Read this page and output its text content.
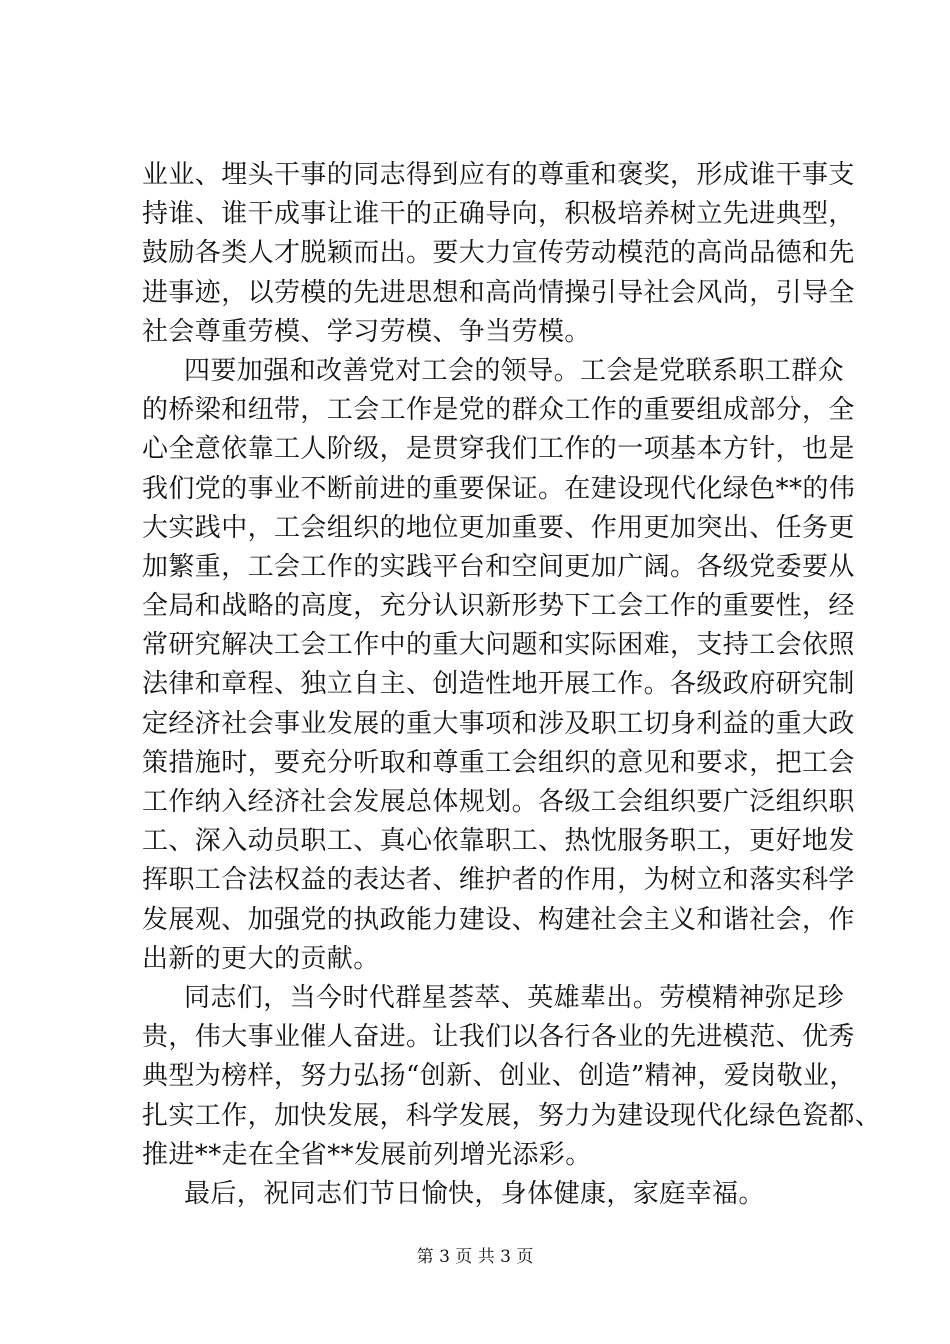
业业、埋头干事的同志得到应有的尊重和褒奖，形成谁干事支
持谁、谁干成事让谁干的正确导向，积极培养树立先进典型，
鼓励各类人才脱颖而出。要大力宣传劳动模范的高尚品德和先
进事迹，以劳模的先进思想和高尚情操引导社会风尚，引导全
社会尊重劳模、学习劳模、争当劳模。
四要加强和改善党对工会的领导。工会是党联系职工群众
的桥梁和纽带，工会工作是党的群众工作的重要组成部分，全
心全意依靠工人阶级，是贯穿我们工作的一项基本方针，也是
我们党的事业不断前进的重要保证。在建设现代化绿色**的伟
大实践中，工会组织的地位更加重要、作用更加突出、任务更
加繁重，工会工作的实践平台和空间更加广阔。各级党委要从
全局和战略的高度，充分认识新形势下工会工作的重要性，经
常研究解决工会工作中的重大问题和实际困难，支持工会依照
法律和章程、独立自主、创造性地开展工作。各级政府研究制
定经济社会事业发展的重大事项和涉及职工切身利益的重大政
策措施时，要充分听取和尊重工会组织的意见和要求，把工会
工作纳入经济社会发展总体规划。各级工会组织要广泛组织职
工、深入动员职工、真心依靠职工、热忱服务职工，更好地发
挥职工合法权益的表达者、维护者的作用，为树立和落实科学
发展观、加强党的执政能力建设、构建社会主义和谐社会，作
出新的更大的贡献。
同志们，当今时代群星荟萃、英雄辈出。劳模精神弥足珍
贵，伟大事业催人奋进。让我们以各行各业的先进模范、优秀
典型为榜样，努力弘扬“创新、创业、创造”精神，爱岗敬业，
扎实工作，加快发展，科学发展，努力为建设现代化绿色瓷都、
推进**走在全省**发展前列增光添彩。
最后，祝同志们节日愉快，身体健康，家庭幸福。
第 3 页 共 3 页
